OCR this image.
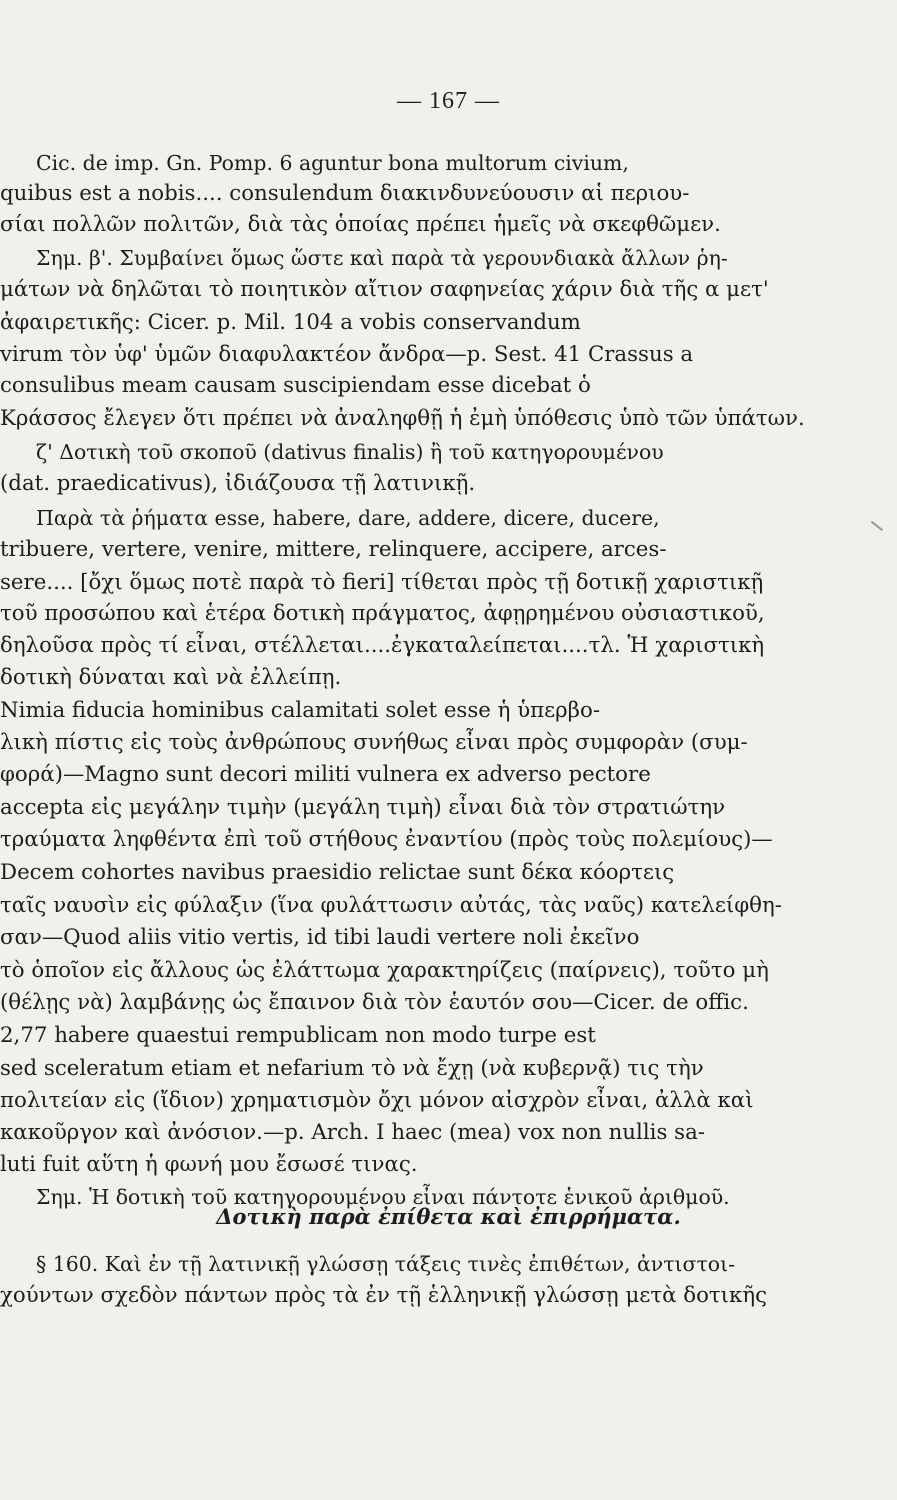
— 167 —
Cic. de imp. Gn. Pomp. 6 aguntur bona multorum civium,
quibus est a nobis.... consulendum διακινδυνεύουσιν αἱ περιου-
σίαι πολλῶν πολιτῶν, διὰ τὰς ὁποίας πρέπει ἡμεῖς νὰ σκεφθῶμεν.
Σημ. β'. Συμβαίνει ὅμως ὥστε καὶ παρὰ τὰ γερουνδιακὰ ἄλλων ῥη-
μάτων νὰ δηλῶται τὸ ποιητικὸν αἴτιον σαφηνείας χάριν διὰ τῆς α μετ'
ἀφαιρετικῆς: Cicer. p. Mil. 104 a vobis conservandum
virum τὸν ὑφ' ὑμῶν διαφυλακτέον ἄνδρα—p. Sest. 41 Crassus a
consulibus meam causam suscipiendam esse dicebat ὁ
Κράσσος ἔλεγεν ὅτι πρέπει νὰ ἀναληφθῇ ἡ ἐμὴ ὑπόθεσις ὑπὸ τῶν ὑπάτων.
ζ' Δοτικὴ τοῦ σκοποῦ (dativus finalis) ἢ τοῦ κατηγορουμένου
(dat. praedicativus), ἰδιάζουσα τῇ λατινικῇ.
Παρὰ τὰ ῥήματα esse, habere, dare, addere, dicere, ducere,
tribuere, vertere, venire, mittere, relinquere, accipere, arces-
sere.... [ὄχι ὅμως ποτὲ παρὰ τὸ fieri] τίθεται πρὸς τῇ δοτικῇ χαριστικῇ
τοῦ προσώπου καὶ ἑτέρα δοτικὴ πράγματος, ἀφῃρημένου οὐσιαστικοῦ,
δηλοῦσα πρὸς τί εἶναι, στέλλεται....ἐγκαταλείπεται....τλ. Ἡ χαριστικὴ
δοτικὴ δύναται καὶ νὰ ἐλλείπῃ.
Nimia fiducia hominibus calamitati solet esse ἡ ὑπερβο-
λικὴ πίστις εἰς τοὺς ἀνθρώπους συνήθως εἶναι πρὸς συμφορὰν (συμ-
φορά)—Magno sunt decori militi vulnera ex adverso pectore
accepta εἰς μεγάλην τιμὴν (μεγάλη τιμὴ) εἶναι διὰ τὸν στρατιώτην
τραύματα ληφθέντα ἐπὶ τοῦ στήθους ἐναντίου (πρὸς τοὺς πολεμίους)—
Decem cohortes navibus praesidio relictae sunt δέκα κόορτεις
ταῖς ναυσὶν εἰς φύλαξιν (ἵνα φυλάττωσιν αὐτάς, τὰς ναῦς) κατελείφθη-
σαν—Quod aliis vitio vertis, id tibi laudi vertere noli ἐκεῖνο
τὸ ὁποῖον εἰς ἄλλους ὡς ἐλάττωμα χαρακτηρίζεις (παίρνεις), τοῦτο μὴ
(θέλῃς νὰ) λαμβάνῃς ὡς ἔπαινον διὰ τὸν ἑαυτόν σου—Cicer. de offic.
2,77 habere quaestui rempublicam non modo turpe est
sed sceleratum etiam et nefarium τὸ νὰ ἔχῃ (νὰ κυβερνᾷ) τις τὴν
πολιτείαν εἰς (ἴδιον) χρηματισμὸν ὄχι μόνον αἰσχρὸν εἶναι, ἀλλὰ καὶ
κακοῦργον καὶ ἀνόσιον.—p. Arch. I haec (mea) vox non nullis sa-
luti fuit αὕτη ἡ φωνή μου ἔσωσέ τινας.
Σημ. Ἡ δοτικὴ τοῦ κατηγορουμένου εἶναι πάντοτε ἑνικοῦ ἀριθμοῦ.
Δοτικὴ παρὰ ἐπίθετα καὶ ἐπιρρήματα.
§ 160. Καὶ ἐν τῇ λατινικῇ γλώσσῃ τάξεις τινὲς ἐπιθέτων, ἀντιστοι-
χούντων σχεδὸν πάντων πρὸς τὰ ἐν τῇ ἑλληνικῇ γλώσσῃ μετὰ δοτικῆς
